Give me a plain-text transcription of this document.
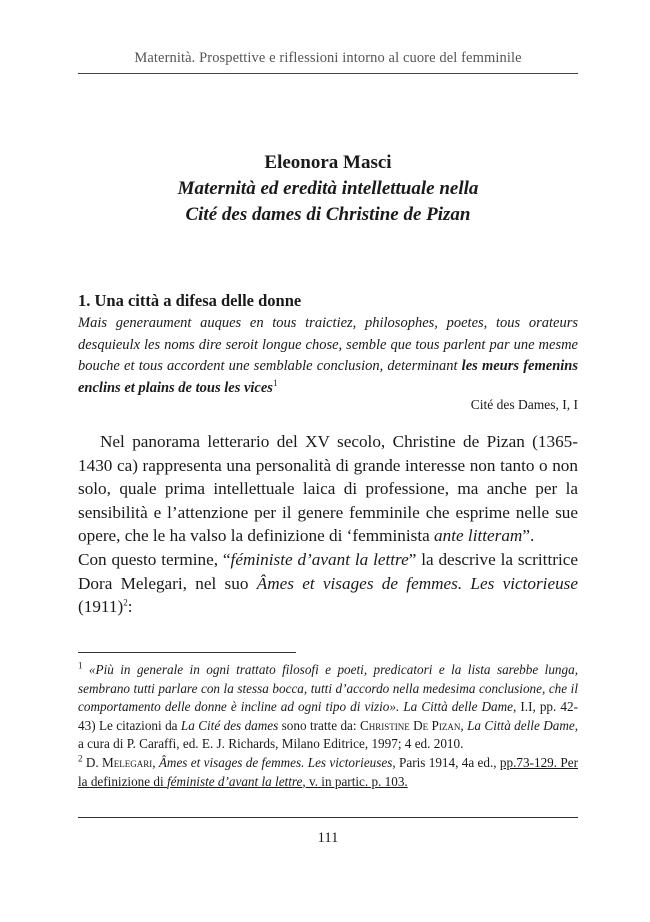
Maternità. Prospettive e riflessioni intorno al cuore del femminile
Eleonora Masci
Maternità ed eredità intellettuale nella
Cité des dames di Christine de Pizan
1. Una città a difesa delle donne
Mais generaument auques en tous traictiez, philosophes, poetes, tous orateurs desquieulx les noms dire seroit longue chose, semble que tous parlent par une mesme bouche et tous accordent une semblable conclusion, determinant les meurs femenins enclins et plains de tous les vices$^1$
Cité des Dames, I, I

Nel panorama letterario del XV secolo, Christine de Pizan (1365-1430 ca) rappresenta una personalità di grande interesse non tanto o non solo, quale prima intellettuale laica di professione, ma anche per la sensibilità e l’attenzione per il genere femminile che esprime nelle sue opere, che le ha valso la definizione di ‘femminista ante litteram”.

Con questo termine, “féministe d’avant la lettre” la descrive la scrittrice Dora Melegari, nel suo Âmes et visages de femmes. Les victorieuse $(1911)^2$:

$^1$ «Più in generale in ogni trattato filosofi e poeti, predicatori e la lista sarebbe lunga, sembrano tutti parlare con la stessa bocca, tutti d’accordo nella medesima conclusione, che il comportamento delle donne è incline ad ogni tipo di vizio». La Città delle Dame, I.I, pp. 42-43) Le citazioni da La Cité des dames sono tratte da: Christine De Pizan, La Città delle Dame, a cura di P. Caraffi, ed. E. J. Richards, Milano Editrice, 1997; 4 ed. 2010.

$^2$ D. Melegari, Âmes et visages de femmes. Les victorieuses, Paris 1914, 4a ed., pp.73-129. Per la definizione di féministe d’avant la lettre, v. in partic. p. 103.

111
